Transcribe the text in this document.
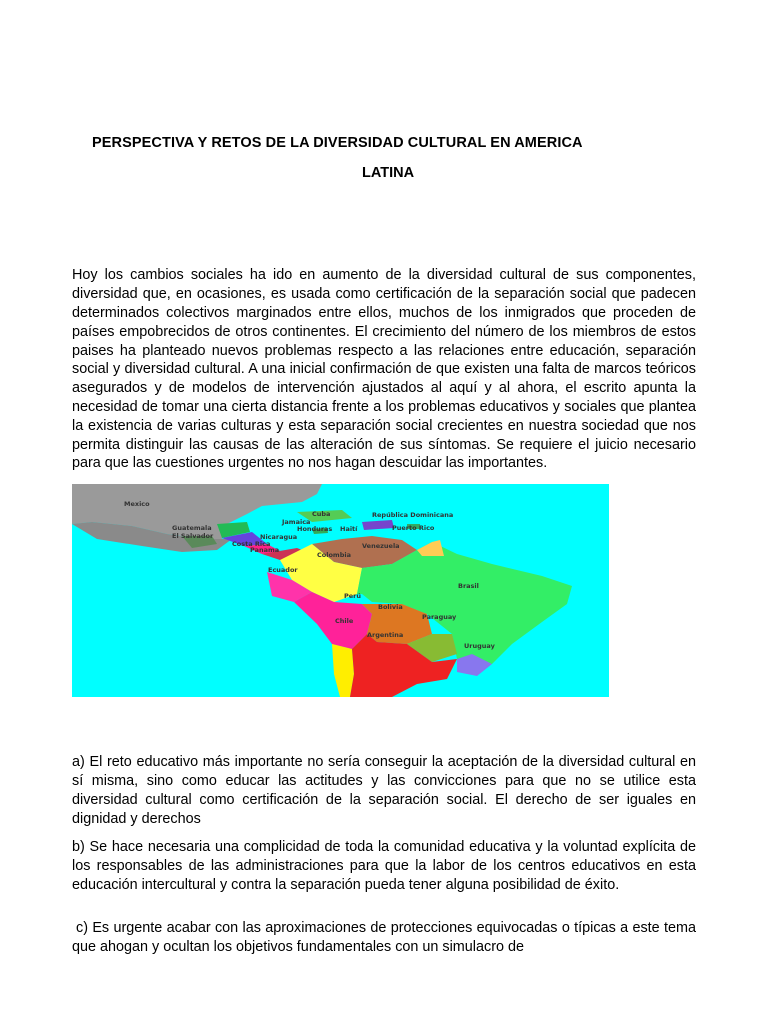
PERSPECTIVA Y RETOS DE LA DIVERSIDAD CULTURAL EN AMERICA
LATINA

Hoy los cambios sociales ha ido en aumento de la diversidad cultural de sus componentes, diversidad que, en ocasiones, es usada como certificación de la separación social que padecen determinados colectivos marginados entre ellos, muchos de los inmigrados que proceden de países empobrecidos de otros continentes. El crecimiento del número de los miembros de estos paises ha planteado nuevos problemas respecto a las relaciones entre educación, separación social y diversidad cultural. A una inicial confirmación de que existen una falta de marcos teóricos asegurados y de modelos de intervención ajustados al aquí y al ahora, el escrito apunta la necesidad de tomar una cierta distancia frente a los problemas educativos y sociales que plantea la existencia de varias culturas y esta separación social crecientes en nuestra sociedad que nos permita distinguir las causas de las alteración de sus síntomas. Se requiere el juicio necesario para que las cuestiones urgentes no nos hagan descuidar las importantes.

Mexico
Cuba	República Dominicana
Jamaica
Honduras Haití	Puerto Rico
Guatemala
El Salvador	Nicaragua
Costa Rica
Panama	Venezuela
Colombia
Ecuador
Brasil
Perú
Bolivia
Paraguay
Chile
Argentina
Uruguay

a) El reto educativo más importante no sería conseguir la aceptación de la diversidad cultural en sí misma, sino como educar las actitudes y las convicciones para que no se utilice esta diversidad cultural como certificación de la separación social. El derecho de ser iguales en dignidad y derechos

b) Se hace necesaria una complicidad de toda la comunidad educativa y la voluntad explícita de los responsables de las administraciones para que la labor de los centros educativos en esta educación intercultural y contra la separación pueda tener alguna posibilidad de éxito.

c) Es urgente acabar con las aproximaciones de protecciones equivocadas o típicas a este tema que ahogan y ocultan los objetivos fundamentales con un simulacro de
